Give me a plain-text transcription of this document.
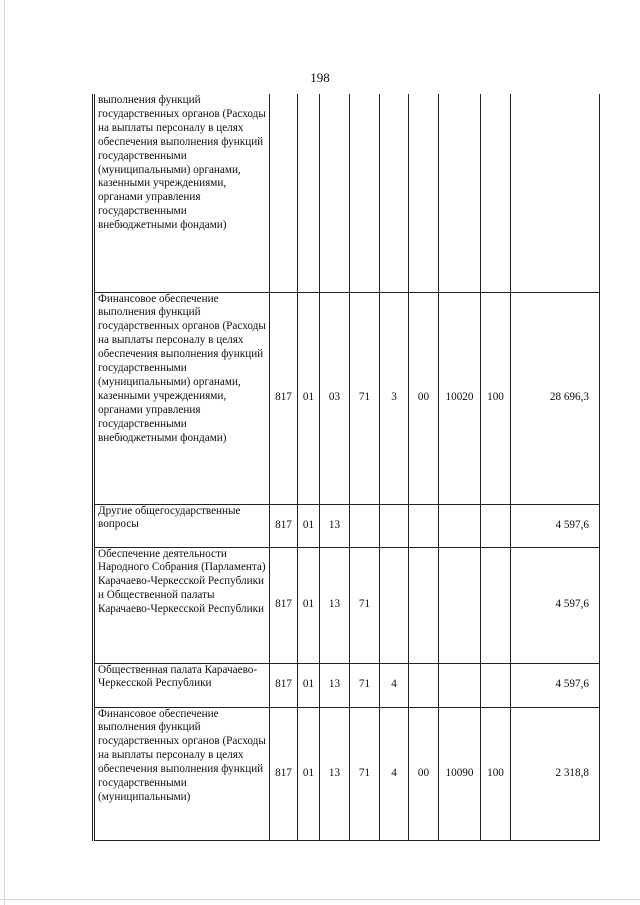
198
выполнения функций государственных органов (Расходы на выплаты персоналу в целях обеспечения выполнения функций государственными (муниципальными) органами, казенными учреждениями, органами управления государственными внебюджетными фондами)									
Финансовое обеспечение выполнения функций государственных органов (Расходы на выплаты персоналу в целях обеспечения выполнения функций государственными (муниципальными) органами, казенными учреждениями, органами управления государственными внебюджетными фондами)	817	01	03	71	3	00	10020	100	28 696,3
Другие общегосударственные вопросы	817	01	13						4 597,6
Обеспечение деятельности Народного Собрания (Парламента) Карачаево-Черкесской Республики и Общественной палаты Карачаево-Черкесской Республики	817	01	13	71					4 597,6
Общественная палата Карачаево-Черкесской Республики	817	01	13	71	4				4 597,6
Финансовое обеспечение выполнения функций государственных органов (Расходы на выплаты персоналу в целях обеспечения выполнения функций государственными (муниципальными)	817	01	13	71	4	00	10090	100	2 318,8
